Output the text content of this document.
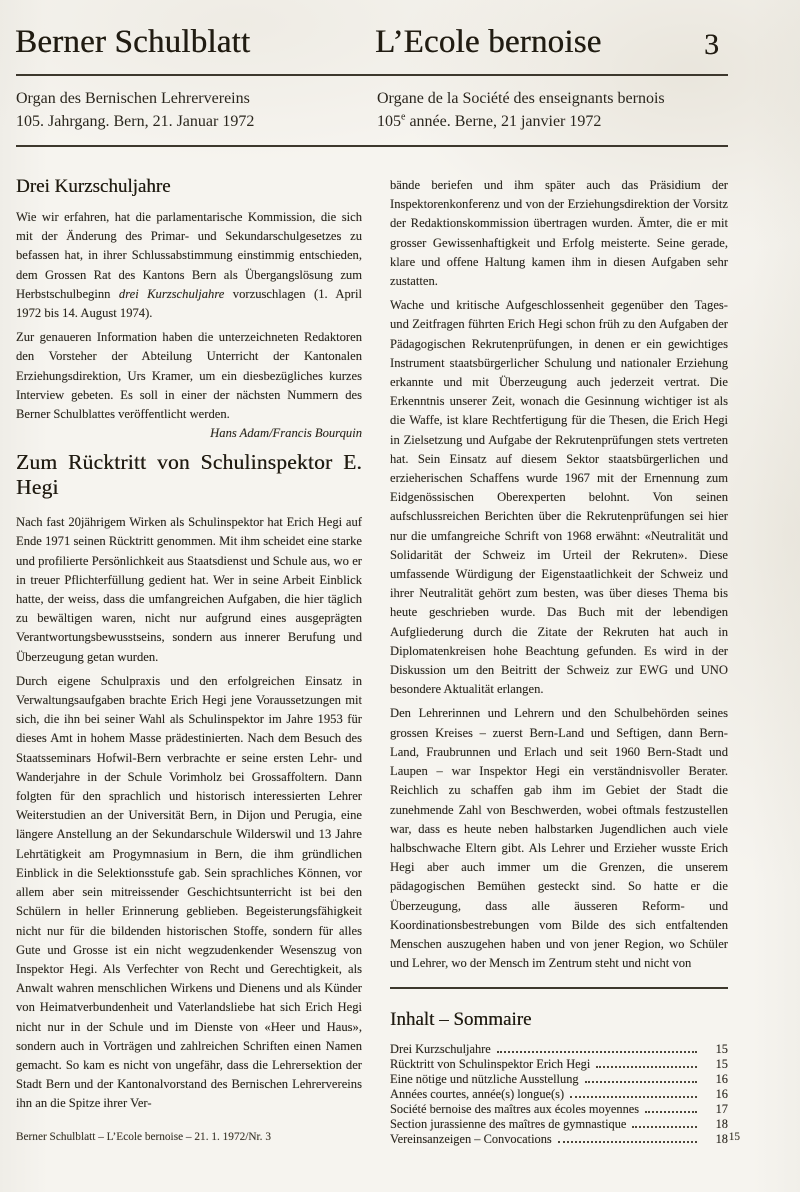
Berner Schulblatt	L’Ecole bernoise	3

Organ des Bernischen Lehrervereins
105. Jahrgang. Bern, 21. Januar 1972

Organe de la Société des enseignants bernois
105e année. Berne, 21 janvier 1972

Drei Kurzschuljahre

Wie wir erfahren, hat die parlamentarische Kommission, die sich mit der Änderung des Primar- und Sekundarschulgesetzes zu befassen hat, in ihrer Schlussabstimmung einstimmig entschieden, dem Grossen Rat des Kantons Bern als Übergangslösung zum Herbstschulbeginn drei Kurzschuljahre vorzuschlagen (1. April 1972 bis 14. August 1974).

Zur genaueren Information haben die unterzeichneten Redaktoren den Vorsteher der Abteilung Unterricht der Kantonalen Erziehungsdirektion, Urs Kramer, um ein diesbezügliches kurzes Interview gebeten. Es soll in einer der nächsten Nummern des Berner Schulblattes veröffentlicht werden.
Hans Adam/Francis Bourquin

Zum Rücktritt von Schulinspektor E. Hegi

Nach fast 20jährigem Wirken als Schulinspektor hat Erich Hegi auf Ende 1971 seinen Rücktritt genommen. Mit ihm scheidet eine starke und profilierte Persönlichkeit aus Staatsdienst und Schule aus, wo er in treuer Pflichterfüllung gedient hat. Wer in seine Arbeit Einblick hatte, der weiss, dass die umfangreichen Aufgaben, die hier täglich zu bewältigen waren, nicht nur aufgrund eines ausgeprägten Verantwortungsbewusstseins, sondern aus innerer Berufung und Überzeugung getan wurden.

Durch eigene Schulpraxis und den erfolgreichen Einsatz in Verwaltungsaufgaben brachte Erich Hegi jene Voraussetzungen mit sich, die ihn bei seiner Wahl als Schulinspektor im Jahre 1953 für dieses Amt in hohem Masse prädestinierten. Nach dem Besuch des Staatsseminars Hofwil-Bern verbrachte er seine ersten Lehr- und Wanderjahre in der Schule Vorimholz bei Grossaffoltern. Dann folgten für den sprachlich und historisch interessierten Lehrer Weiterstudien an der Universität Bern, in Dijon und Perugia, eine längere Anstellung an der Sekundarschule Wilderswil und 13 Jahre Lehrtätigkeit am Progymnasium in Bern, die ihm gründlichen Einblick in die Selektionsstufe gab. Sein sprachliches Können, vor allem aber sein mitreissender Geschichtsunterricht ist bei den Schülern in heller Erinnerung geblieben. Begeisterungsfähigkeit nicht nur für die bildenden historischen Stoffe, sondern für alles Gute und Grosse ist ein nicht wegzudenkender Wesenszug von Inspektor Hegi. Als Verfechter von Recht und Gerechtigkeit, als Anwalt wahren menschlichen Wirkens und Dienens und als Künder von Heimatverbundenheit und Vaterlandsliebe hat sich Erich Hegi nicht nur in der Schule und im Dienste von «Heer und Haus», sondern auch in Vorträgen und zahlreichen Schriften einen Namen gemacht. So kam es nicht von ungefähr, dass die Lehrersektion der Stadt Bern und der Kantonalvorstand des Bernischen Lehrervereins ihn an die Spitze ihrer Ver-

bände beriefen und ihm später auch das Präsidium der Inspektorenkonferenz und von der Erziehungsdirektion der Vorsitz der Redaktionskommission übertragen wurden. Ämter, die er mit grosser Gewissenhaftigkeit und Erfolg meisterte. Seine gerade, klare und offene Haltung kamen ihm in diesen Aufgaben sehr zustatten.

Wache und kritische Aufgeschlossenheit gegenüber den Tages- und Zeitfragen führten Erich Hegi schon früh zu den Aufgaben der Pädagogischen Rekrutenprüfungen, in denen er ein gewichtiges Instrument staatsbürgerlicher Schulung und nationaler Erziehung erkannte und mit Überzeugung auch jederzeit vertrat. Die Erkenntnis unserer Zeit, wonach die Gesinnung wichtiger ist als die Waffe, ist klare Rechtfertigung für die Thesen, die Erich Hegi in Zielsetzung und Aufgabe der Rekrutenprüfungen stets vertreten hat. Sein Einsatz auf diesem Sektor staatsbürgerlichen und erzieherischen Schaffens wurde 1967 mit der Ernennung zum Eidgenössischen Oberexperten belohnt. Von seinen aufschlussreichen Berichten über die Rekrutenprüfungen sei hier nur die umfangreiche Schrift von 1968 erwähnt: «Neutralität und Solidarität der Schweiz im Urteil der Rekruten». Diese umfassende Würdigung der Eigenstaatlichkeit der Schweiz und ihrer Neutralität gehört zum besten, was über dieses Thema bis heute geschrieben wurde. Das Buch mit der lebendigen Aufgliederung durch die Zitate der Rekruten hat auch in Diplomatenkreisen hohe Beachtung gefunden. Es wird in der Diskussion um den Beitritt der Schweiz zur EWG und UNO besondere Aktualität erlangen.

Den Lehrerinnen und Lehrern und den Schulbehörden seines grossen Kreises – zuerst Bern-Land und Seftigen, dann Bern-Land, Fraubrunnen und Erlach und seit 1960 Bern-Stadt und Laupen – war Inspektor Hegi ein verständnisvoller Berater. Reichlich zu schaffen gab ihm im Gebiet der Stadt die zunehmende Zahl von Beschwerden, wobei oftmals festzustellen war, dass es heute neben halbstarken Jugendlichen auch viele halbschwache Eltern gibt. Als Lehrer und Erzieher wusste Erich Hegi aber auch immer um die Grenzen, die unserem pädagogischen Bemühen gesteckt sind. So hatte er die Überzeugung, dass alle äusseren Reform- und Koordinationsbestrebungen vom Bilde des sich entfaltenden Menschen auszugehen haben und von jener Region, wo Schüler und Lehrer, wo der Mensch im Zentrum steht und nicht von

Inhalt – Sommaire
Drei Kurzschuljahre	15
Rücktritt von Schulinspektor Erich Hegi	15
Eine nötige und nützliche Ausstellung	16
Années courtes, année(s) longue(s)	16
Société bernoise des maîtres aux écoles moyennes	17
Section jurassienne des maîtres de gymnastique	18
Vereinsanzeigen – Convocations	18
Berner Schulblatt – L’Ecole bernoise – 21. 1. 1972/Nr. 3	15
